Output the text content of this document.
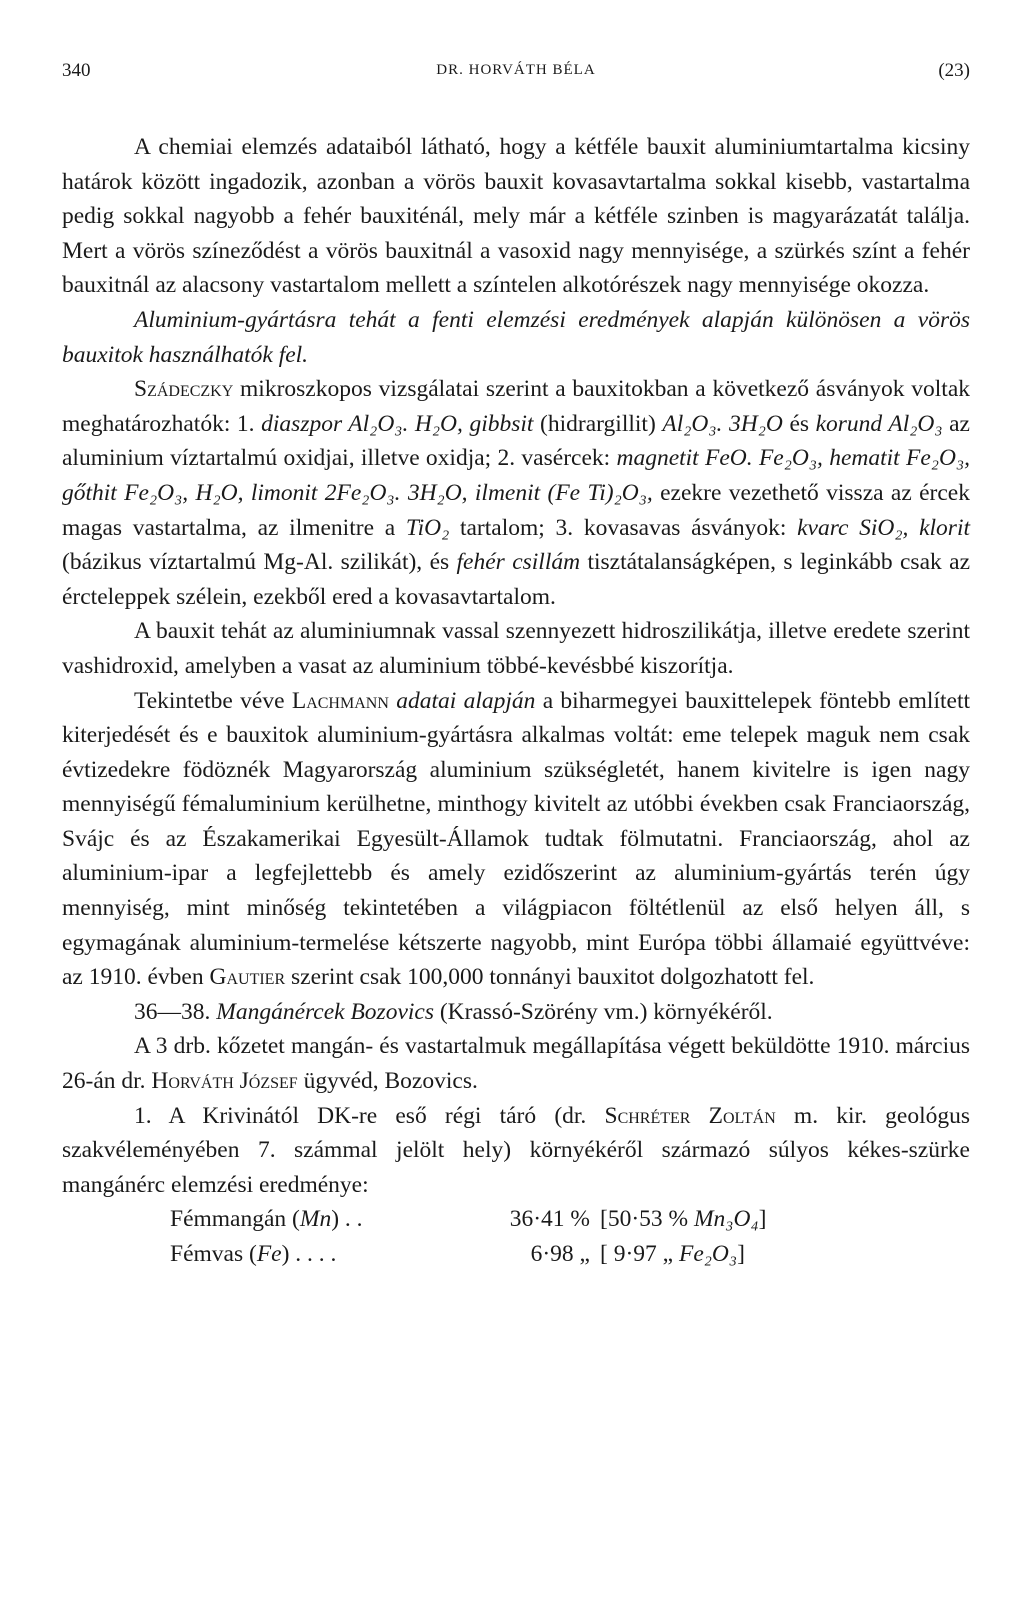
340	DR. HORVÁTH BÉLA	(23)

A chemiai elemzés adataiból látható, hogy a kétféle bauxit aluminiumtartalma kicsiny határok között ingadozik, azonban a vörös bauxit kovasavtartalma sokkal kisebb, vastartalma pedig sokkal nagyobb a fehér bauxiténál, mely már a kétféle szinben is magyarázatát találja. Mert a vörös színeződést a vörös bauxitnál a vasoxid nagy mennyisége, a szürkés színt a fehér bauxitnál az alacsony vastartalom mellett a színtelen alkotórészek nagy mennyisége okozza.

Aluminium-gyártásra tehát a fenti elemzési eredmények alapján különösen a vörös bauxitok használhatók fel.

Szádeczky mikroszkopos vizsgálatai szerint a bauxitokban a következő ásványok voltak meghatározhatók: 1. diaszpor Al₂O₃. H₂O, gibbsit (hidrargillit) Al₂O₃. 3H₂O és korund Al₂O₃ az aluminium víztartalmú oxidjai, illetve oxidja; 2. vasércek: magnetit FeO. Fe₂O₃, hematit Fe₂O₃, gőthit Fe₂O₃, H₂O, limonit 2Fe₂O₃. 3H₂O, ilmenit (Fe Ti)₂O₃, ezekre vezethető vissza az ércek magas vastartalma, az ilmenitre a TiO₂ tartalom; 3. kovasavas ásványok: kvarc SiO₂, klorit (bázikus víztartalmú Mg-Al. szilikát), és fehér csillám tisztátalanságképen, s leginkább csak az ércteleppek szélein, ezekből ered a kovasavtartalom.

A bauxit tehát az aluminiumnak vassal szennyezett hidroszilikátja, illetve eredete szerint vashidroxid, amelyben a vasat az aluminium többé-kevésbbé kiszorítja.

Tekintetbe véve Lachmann adatai alapján a biharmegyei bauxittelepek föntebb említett kiterjedését és e bauxitok aluminium-gyártásra alkalmas voltát: eme telepek maguk nem csak évtizedekre födöznék Magyarország aluminium szükségletét, hanem kivitelre is igen nagy mennyiségű fémaluminium kerülhetne, minthogy kivitelt az utóbbi években csak Franciaország, Svájc és az Északamerikai Egyesült-Államok tudtak fölmutatni. Franciaország, ahol az aluminium-ipar a legfejlettebb és amely ezidőszerint az aluminium-gyártás terén úgy mennyiség, mint minőség tekintetében a világpiacon föltétlenül az első helyen áll, s egymagának aluminium-termelése kétszerte nagyobb, mint Európa többi államaié együttvéve: az 1910. évben Gautier szerint csak 100,000 tonnányi bauxitot dolgozhatott fel.

36—38. Mangánércek Bozovics (Krassó-Szörény vm.) környékéről.

A 3 drb. kőzetet mangán- és vastartalmuk megállapítása végett beküldötte 1910. március 26-án dr. Horváth József ügyvéd, Bozovics.

1. A Krivinától DK-re eső régi táró (dr. Schréter Zoltán m. kir. geológus szakvéleményében 7. számmal jelölt hely) környékéről származó súlyos kékes-szürke mangánérc elemzési eredménye:

Fémmangán (Mn) . .	36·41 % [50·53 % Mn₃O₄]
Fémvas (Fe) . . . .	6·98 „ [ 9·97 „ Fe₂O₃]
